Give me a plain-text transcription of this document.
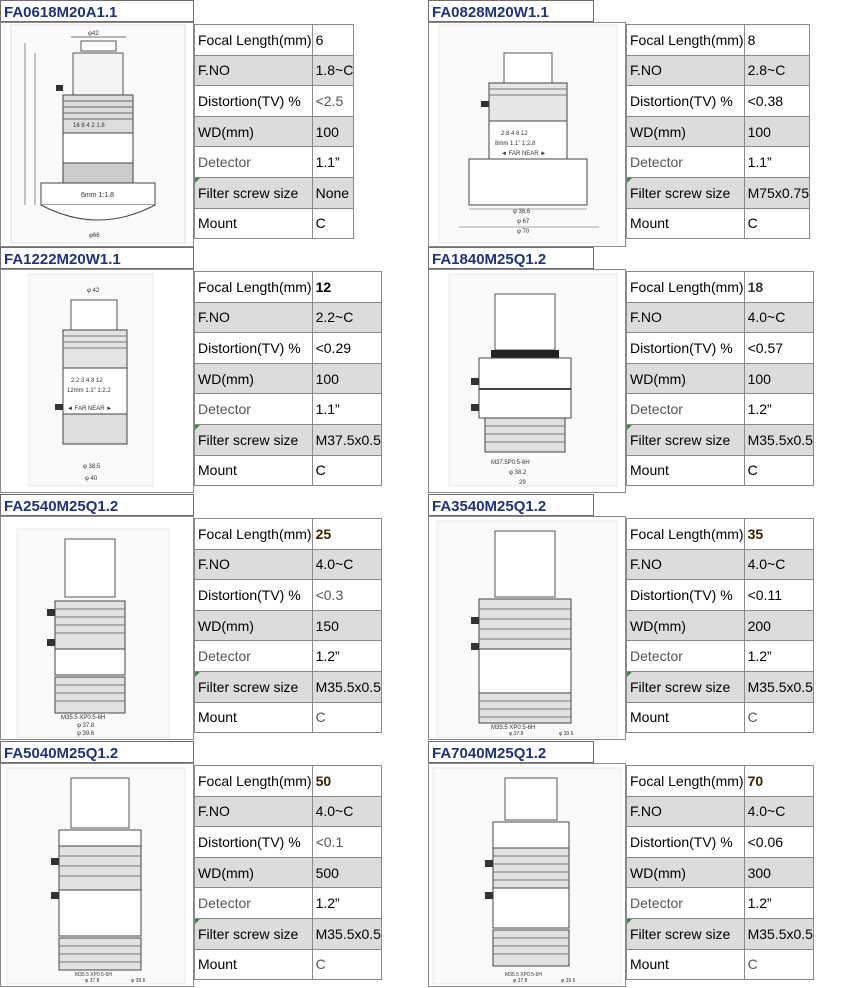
FA0618M20A1.1
16 8 4 2 1.8
6mm 1:1.8
φ42
φ66
Focal Length(mm)	6
F.NO	1.8~C
Distortion(TV) %	<2.5
WD(mm)	100
Detector	1.1”
Filter screw size	None
Mount	C
FA0828M20W1.1
2.8 4 8 12
8mm 1.1” 1:2.8
◄ FAR NEAR ►
φ 36.6
φ 67
φ 70
Focal Length(mm)	8
F.NO	2.8~C
Distortion(TV) %	<0.38
WD(mm)	100
Detector	1.1”
Filter screw size	M75x0.75
Mount	C
FA1222M20W1.1
2.2 3 4 8 12
12mm 1.1” 1:2.2
◄ FAR NEAR ►
φ 42
φ 38.5
φ 40
Focal Length(mm)	12
F.NO	2.2~C
Distortion(TV) %	<0.29
WD(mm)	100
Detector	1.1”
Filter screw size	M37.5x0.5
Mount	C
FA1840M25Q1.2
M37.5P0.5-6H
φ 38.2
29
Focal Length(mm)	18
F.NO	4.0~C
Distortion(TV) %	<0.57
WD(mm)	100
Detector	1.2”
Filter screw size	M35.5x0.5
Mount	C
FA2540M25Q1.2
M35.5 XP0.5-6H
φ 37.8
φ 39.6
Focal Length(mm)	25
F.NO	4.0~C
Distortion(TV) %	<0.3
WD(mm)	150
Detector	1.2”
Filter screw size	M35.5x0.5
Mount	C
FA3540M25Q1.2
M35.5 XP0.5-6H
φ 37.8	φ 39.6
Focal Length(mm)	35
F.NO	4.0~C
Distortion(TV) %	<0.11
WD(mm)	200
Detector	1.2”
Filter screw size	M35.5x0.5
Mount	C
FA5040M25Q1.2
M35.5 XP0.5-6H
φ 37.8	φ 39.6
Focal Length(mm)	50
F.NO	4.0~C
Distortion(TV) %	<0.1
WD(mm)	500
Detector	1.2”
Filter screw size	M35.5x0.5
Mount	C
FA7040M25Q1.2
M35.5 XP0.5-6H
φ 37.8	φ 39.6
Focal Length(mm)	70
F.NO	4.0~C
Distortion(TV) %	<0.06
WD(mm)	300
Detector	1.2”
Filter screw size	M35.5x0.5
Mount	C
